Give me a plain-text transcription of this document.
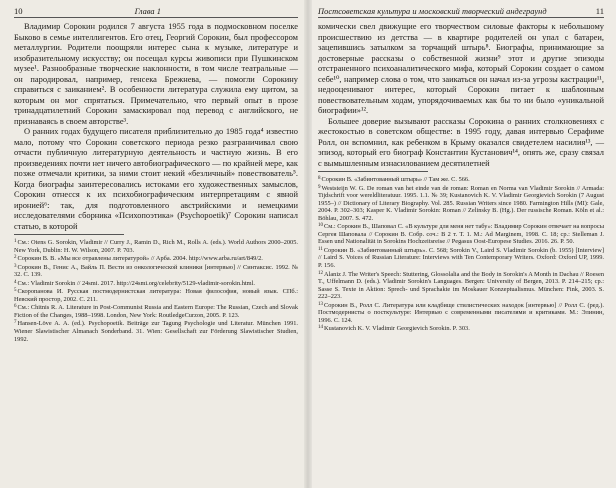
10	Глава 1

Владимир Сорокин родился 7 августа 1955 года в подмосковном поселке Быково в семье интеллигентов. Его отец, Георгий Сорокин, был профессором металлургии. Родители поощряли интерес сына к музыке, литературе и изобразительному искусству; он посещал курсы живописи при Пушкинском музее¹. Разнообразные творческие наклонности, в том числе театральные — он пародировал, например, генсека Брежнева, — помогли Сорокину справиться с заиканием². В особенности литература служила ему щитом, за которым он мог спрятаться. Примечательно, что первый опыт в прозе тринадцатилетний Сорокин замаскировал под перевод с английского, не признаваясь в своем авторстве³.

О ранних годах будущего писателя приблизительно до 1985 года⁴ известно мало, потому что Сорокин советского периода резко разграничивал свою отчасти публичную литературную деятельность и частную жизнь. В его произведениях почти нет ничего автобиографического — по крайней мере, как позже отмечали критики, за ними стоит некий «безличный» повествователь⁵. Когда биографы заинтересовались истоками его художественных замыслов, Сорокин отнесся к их психобиографическим интерпретациям с явной иронией⁶: так, для подготовленного австрийскими и немецкими исследователями сборника «Психопоэтика» (Psychopoetik)⁷ Сорокин написал статью, в которой

$^1$См.: Otens G. Sorokin, Vladimir // Curry J., Ramin D., Rich M., Rolls A. (eds.). World Authors 2000–2005. New York, Dublin: H. W. Wilson, 2007. P. 703.

$^2$Сорокин В. В. «Мы все отравлены литературой» // Арба. 2004. http://www.arba.ru/art/849/2.

$^3$Сорокин В., Генис А., Вайль П. Вести из онкологической клиники [интервью] // Синтаксис. 1992. № 32. С. 139.

$^4$См.: Vladimir Sorokin // 24smi. 2017. http://24smi.org/celebrity/5129-vladimir-sorokin.html.

$^5$Скоропанова И. Русская постмодернистская литература: Новая философия, новый язык. СПб.: Невский простор, 2002. С. 211.

$^6$См.: Chitnis R. A. Literature in Post-Communist Russia and Eastern Europe: The Russian, Czech and Slovak Fiction of the Changes, 1988–1998. London, New York: RoutledgeCurzon, 2005. P. 123.

$^7$Hansen-Löve A. A. (ed.). Psychopoetik. Beiträge zur Tagung Psychologie und Literatur. München 1991. Wiener Slawistischer Almanach Sonderband. 31. Wien: Gesellschaft zur Förderung Slawistischer Studien, 1992.

Постсоветская культура и московский творческий андеграунд	11

комически свел движущие его творчеством силовые факторы к небольшому происшествию из детства — в квартире родителей он упал с батареи, зацепившись затылком за торчащий штырь⁸. Биографы, принимающие за достоверные рассказы о собственной жизни⁹ этот и другие эпизоды отстраненного психоаналитического мифа, который Сорокин создает о самом себе¹⁰, например слова о том, что заикаться он начал из-за угрозы кастрации¹¹, недооценивают интерес, который Сорокин питает к шаблонным повествовательным ходам, упорядочиваемых как бы то ни было «уникальной биографии»¹².

Большее доверие вызывают рассказы Сорокина о ранних столкновениях с жестокостью в советском обществе: в 1995 году, давая интервью Серафиме Ролл, он вспомнил, как ребенком в Крыму оказался свидетелем насилия¹³, — эпизод, который его биограф Константин Кустанович¹⁴, опять же, сразу связал с вымышленным изнасилованием десятилетней

$^8$Сорокин В. «Забинтованный штырь» // Там же. С. 566.

$^9$Weststeijn W. G. De roman van het einde van de roman: Roman en Norma van Vladimir Sorokin // Armada: Tijdschrift voor wereldliteratuur. 1995. 1.1. № 39; Kustanovich K. V. Vladimir Georgievich Sorokin (7 August 1955–) // Dictionary of Literary Biography. Vol. 285. Russian Writers since 1980. Farmington Hills (MI): Gale, 2004. P. 302–303; Kasper K. Vladimir Sorokin: Roman // Zelinsky B. (Hg.). Der russische Roman. Köln et al.: Böhlau, 2007. S. 472.

$^{10}$См.: Сорокин В., Шаповал С. «В культуре для меня нет табу»: Владимир Сорокин отвечает на вопросы Сергея Шаповала // Сорокин В. Собр. соч.: В 2 т. Т. 1. М.: Ad Marginem, 1998. С. 18; ср.: Stelleman J. Essen und Nationalität in Sorokins Hochzeitsreise // Pegasus Oost-Europese Studies. 2016. 26. P. 50.

$^{11}$Сорокин В. «Забинтованный штырь». С. 568; Sorokin V., Laird S. Vladimir Sorokin (b. 1955) [Interview] // Laird S. Voices of Russian Literature: Interviews with Ten Contemporary Writers. Oxford: Oxford UP, 1999. P. 156.

$^{12}$Alaniz J. The Writer's Speech: Stuttering, Glossolalia and the Body in Sorokin's A Month in Dachau // Roesen T., Uffelmann D. (eds.). Vladimir Sorokin's Languages. Bergen: University of Bergen, 2013. P. 214–215; ср.: Sasse S. Texte in Aktion: Sprech- und Sprachakte im Moskauer Konzeptualismus. München: Fink, 2003. S. 222–223.

$^{13}$Сорокин В., Ролл С. Литература или кладбище стилистических находок [интервью] // Ролл С. (ред.). Постмодернисты о посткультуре: Интервью с современными писателями и критиками. М.: Элинин, 1996. С. 124.

$^{14}$Kustanovich K. V. Vladimir Georgievich Sorokin. P. 303.
